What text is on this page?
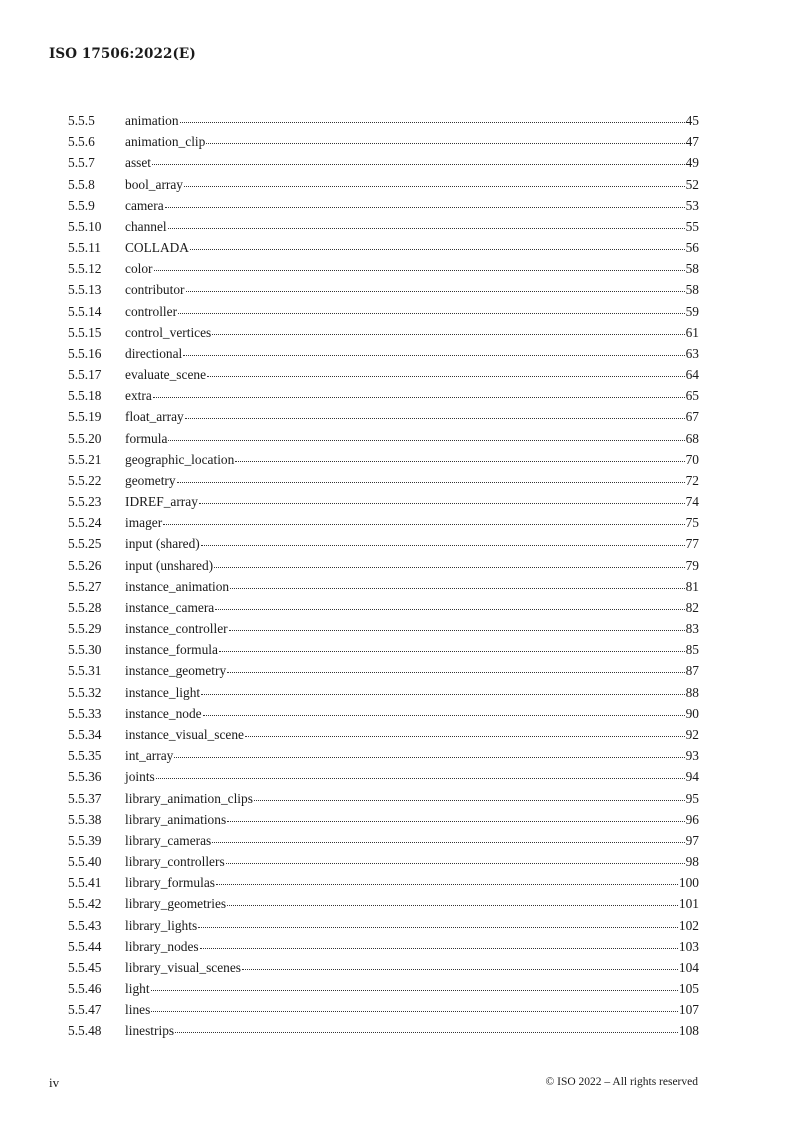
ISO 17506:2022(E)
5.5.5	animation	45
5.5.6	animation_clip	47
5.5.7	asset	49
5.5.8	bool_array	52
5.5.9	camera	53
5.5.10	channel	55
5.5.11	COLLADA	56
5.5.12	color	58
5.5.13	contributor	58
5.5.14	controller	59
5.5.15	control_vertices	61
5.5.16	directional	63
5.5.17	evaluate_scene	64
5.5.18	extra	65
5.5.19	float_array	67
5.5.20	formula	68
5.5.21	geographic_location	70
5.5.22	geometry	72
5.5.23	IDREF_array	74
5.5.24	imager	75
5.5.25	input (shared)	77
5.5.26	input (unshared)	79
5.5.27	instance_animation	81
5.5.28	instance_camera	82
5.5.29	instance_controller	83
5.5.30	instance_formula	85
5.5.31	instance_geometry	87
5.5.32	instance_light	88
5.5.33	instance_node	90
5.5.34	instance_visual_scene	92
5.5.35	int_array	93
5.5.36	joints	94
5.5.37	library_animation_clips	95
5.5.38	library_animations	96
5.5.39	library_cameras	97
5.5.40	library_controllers	98
5.5.41	library_formulas	100
5.5.42	library_geometries	101
5.5.43	library_lights	102
5.5.44	library_nodes	103
5.5.45	library_visual_scenes	104
5.5.46	light	105
5.5.47	lines	107
5.5.48	linestrips	108
iv	© ISO 2022 – All rights reserved
